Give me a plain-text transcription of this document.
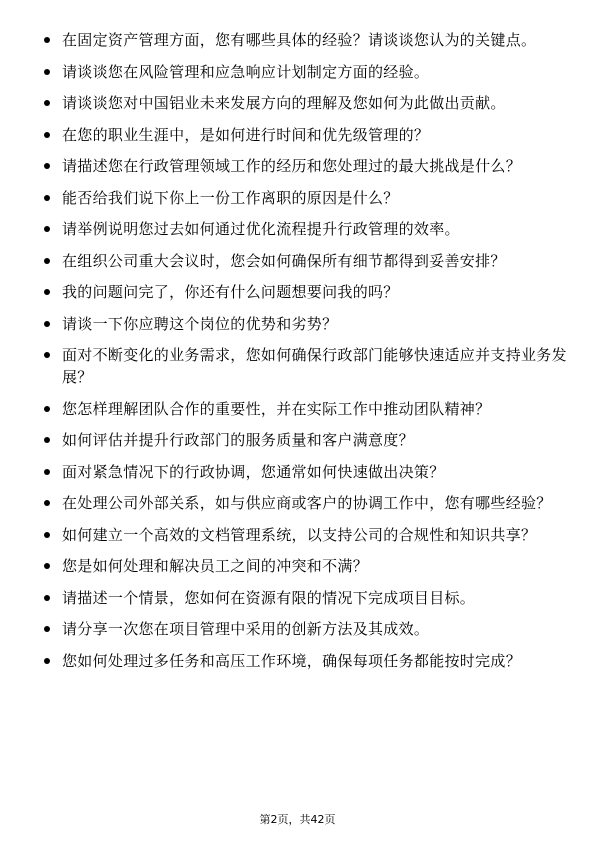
在固定资产管理方面，您有哪些具体的经验？请谈谈您认为的关键点。
请谈谈您在风险管理和应急响应计划制定方面的经验。
请谈谈您对中国铝业未来发展方向的理解及您如何为此做出贡献。
在您的职业生涯中，是如何进行时间和优先级管理的？
请描述您在行政管理领域工作的经历和您处理过的最大挑战是什么？
能否给我们说下你上一份工作离职的原因是什么？
请举例说明您过去如何通过优化流程提升行政管理的效率。
在组织公司重大会议时，您会如何确保所有细节都得到妥善安排？
我的问题问完了，你还有什么问题想要问我的吗？
请谈一下你应聘这个岗位的优势和劣势？
面对不断变化的业务需求，您如何确保行政部门能够快速适应并支持业务发展？
您怎样理解团队合作的重要性，并在实际工作中推动团队精神？
如何评估并提升行政部门的服务质量和客户满意度？
面对紧急情况下的行政协调，您通常如何快速做出决策？
在处理公司外部关系，如与供应商或客户的协调工作中，您有哪些经验？
如何建立一个高效的文档管理系统，以支持公司的合规性和知识共享？
您是如何处理和解决员工之间的冲突和不满？
请描述一个情景，您如何在资源有限的情况下完成项目目标。
请分享一次您在项目管理中采用的创新方法及其成效。
您如何处理过多任务和高压工作环境，确保每项任务都能按时完成？
第2页，共42页
